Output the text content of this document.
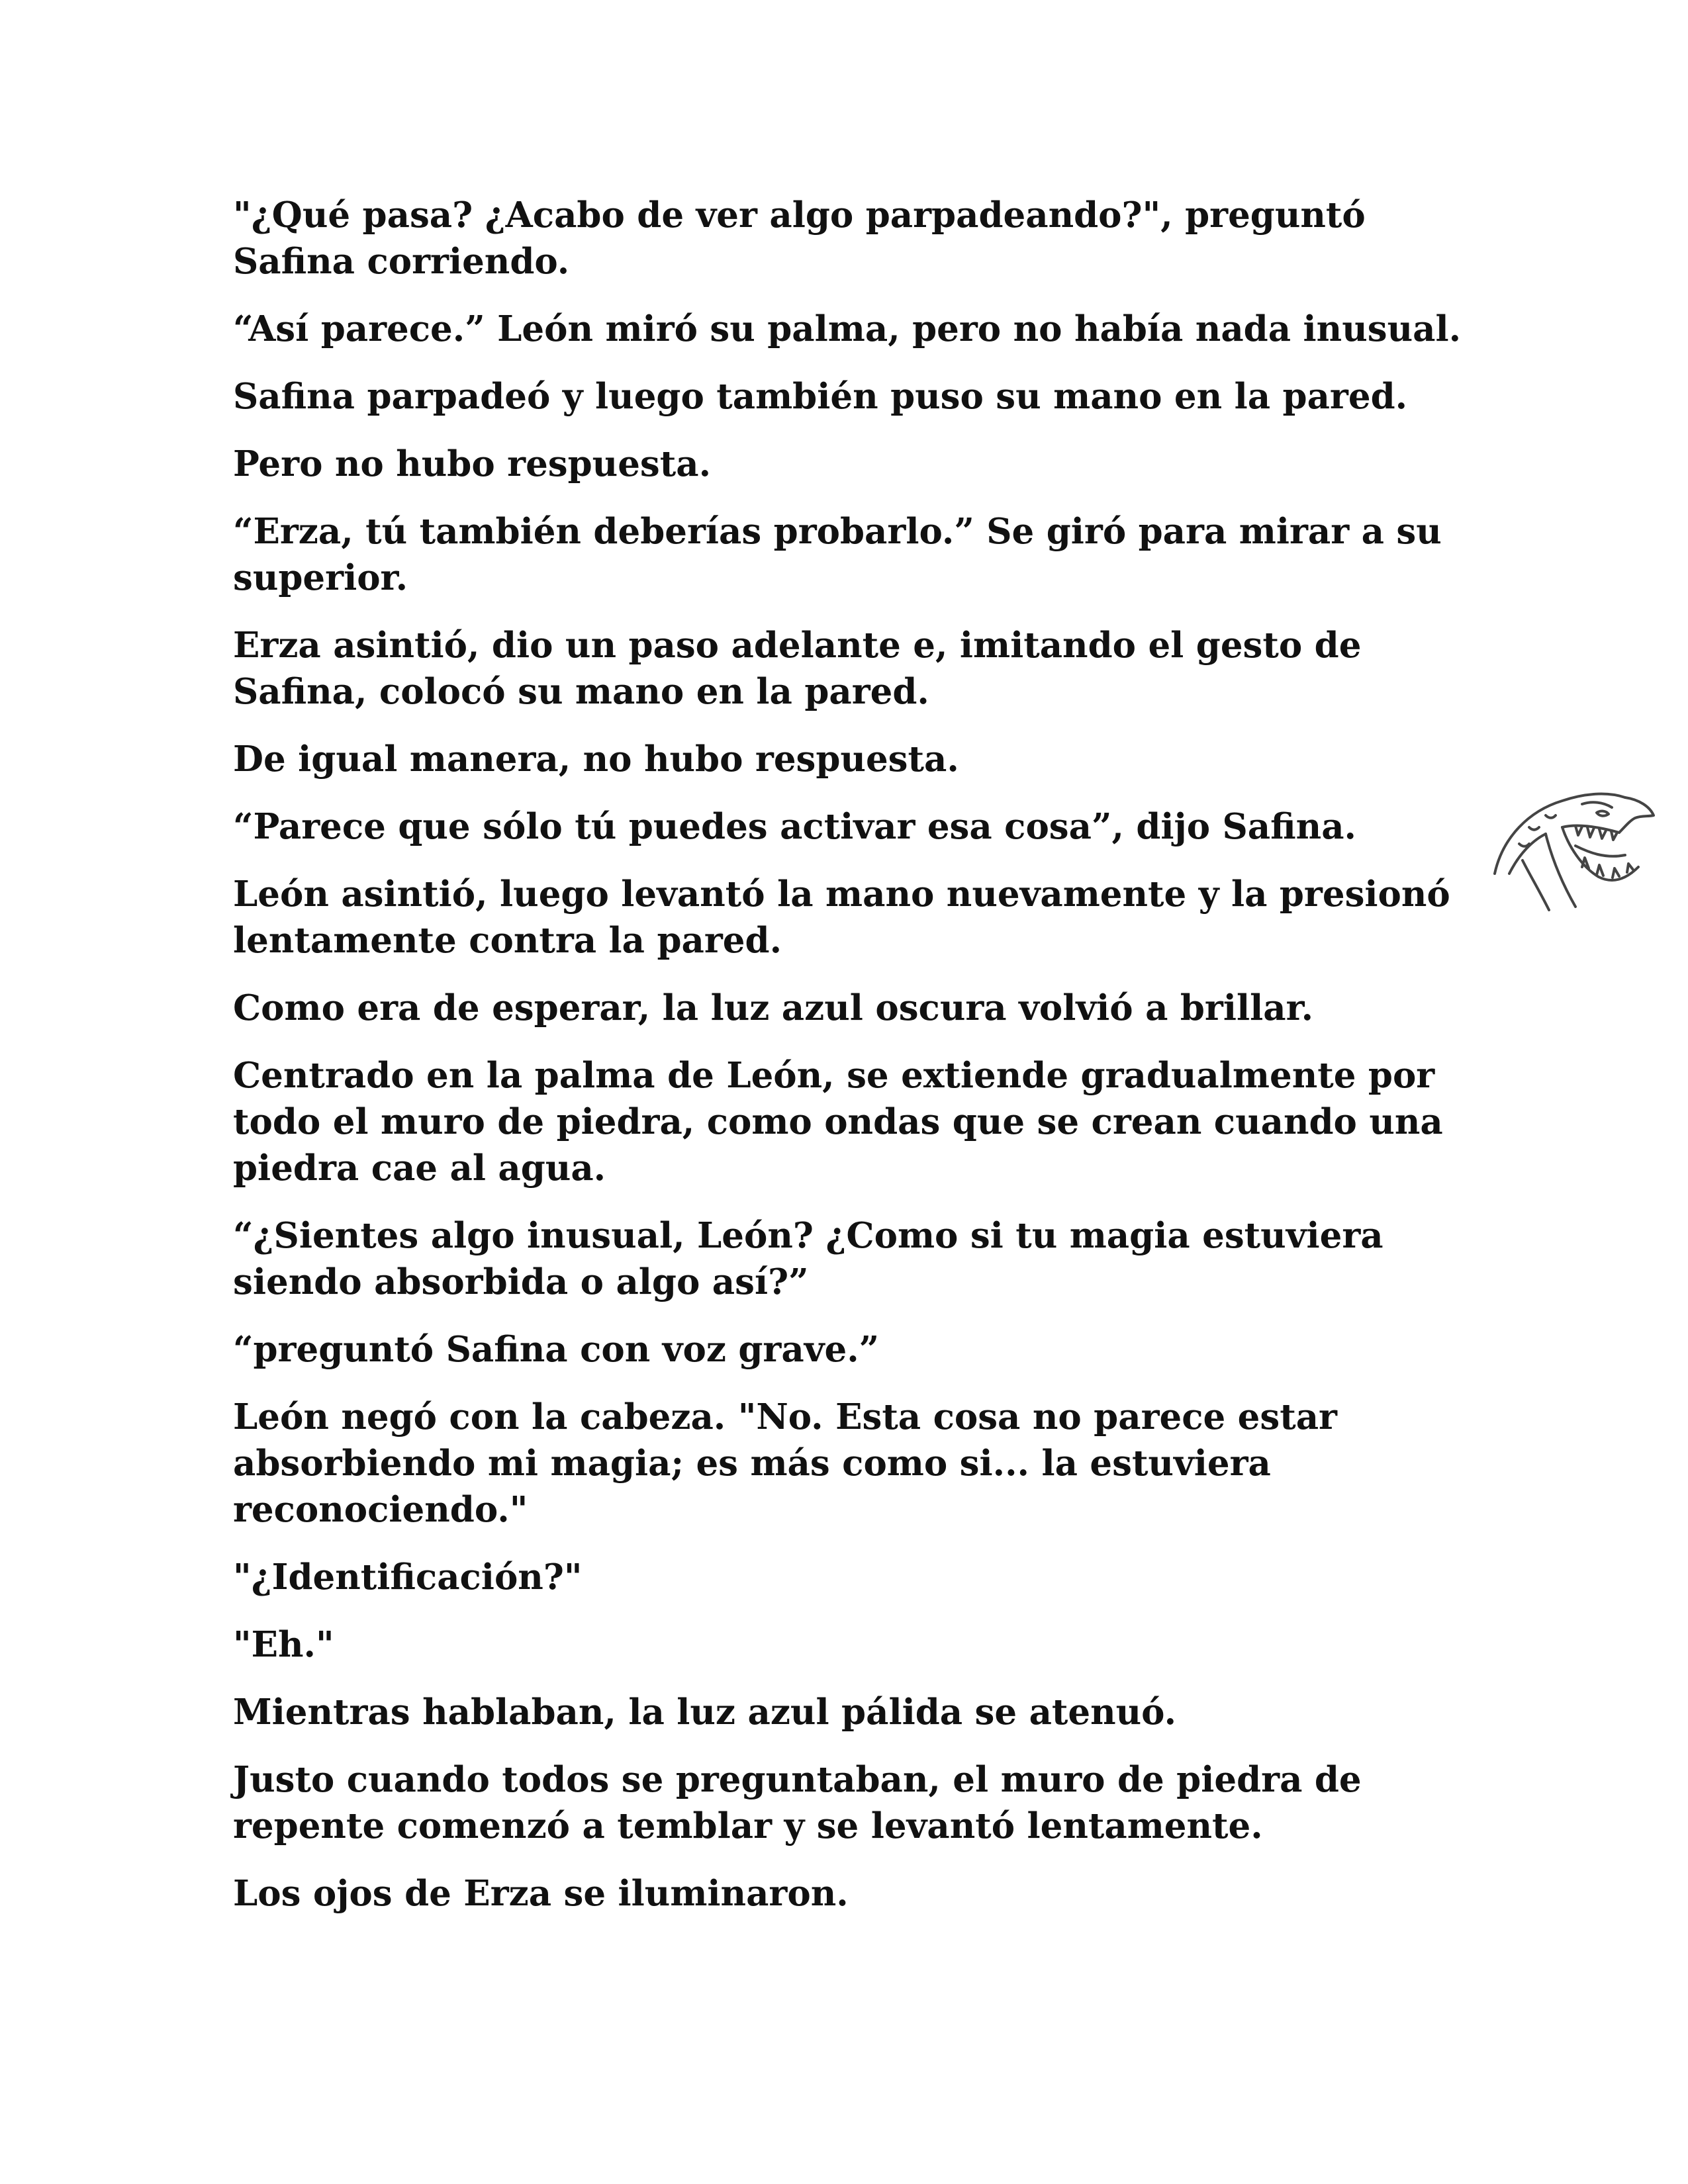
"¿Qué pasa? ¿Acabo de ver algo parpadeando?", preguntó Safina corriendo.

“Así parece.” León miró su palma, pero no había nada inusual.

Safina parpadeó y luego también puso su mano en la pared.

Pero no hubo respuesta.

“Erza, tú también deberías probarlo.” Se giró para mirar a su superior.

Erza asintió, dio un paso adelante e, imitando el gesto de Safina, colocó su mano en la pared.

De igual manera, no hubo respuesta.

“Parece que sólo tú puedes activar esa cosa”, dijo Safina.

León asintió, luego levantó la mano nuevamente y la presionó lentamente contra la pared.

Como era de esperar, la luz azul oscura volvió a brillar.

Centrado en la palma de León, se extiende gradualmente por todo el muro de piedra, como ondas que se crean cuando una piedra cae al agua.

“¿Sientes algo inusual, León? ¿Como si tu magia estuviera siendo absorbida o algo así?”

“preguntó Safina con voz grave.”

León negó con la cabeza. "No. Esta cosa no parece estar absorbiendo mi magia; es más como si... la estuviera reconociendo."

"¿Identificación?"

"Eh."

Mientras hablaban, la luz azul pálida se atenuó.

Justo cuando todos se preguntaban, el muro de piedra de repente comenzó a temblar y se levantó lentamente.

Los ojos de Erza se iluminaron.
